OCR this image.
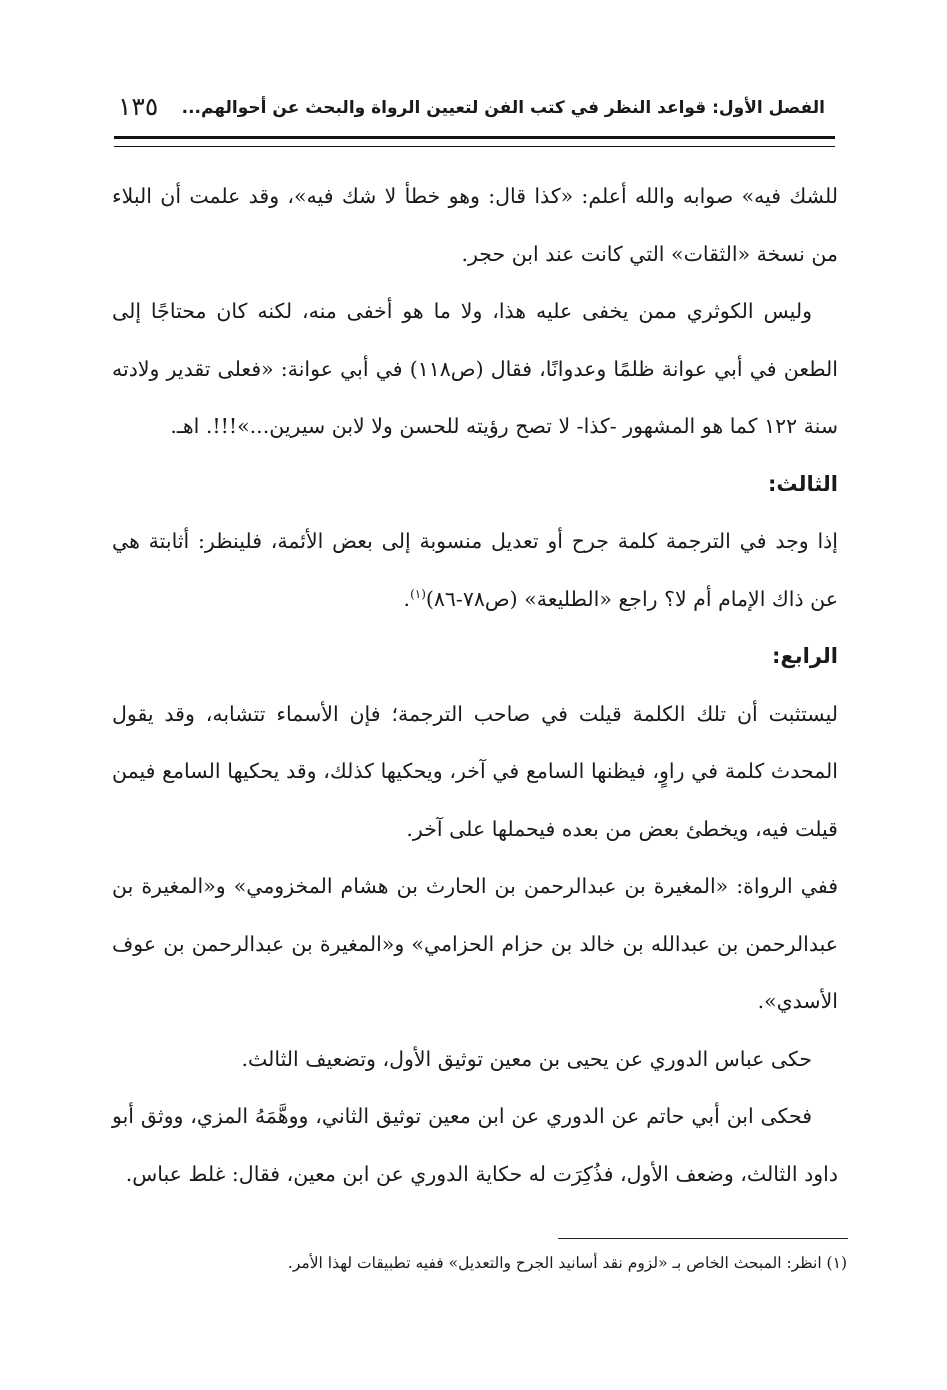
الفصل الأول: قواعد النظر في كتب الفن لتعيين الرواة والبحث عن أحوالهم...
١٣٥

للشك فيه» صوابه والله أعلم: «كذا قال: وهو خطأ لا شك فيه»، وقد علمت أن البلاء من نسخة «الثقات» التي كانت عند ابن حجر.

وليس الكوثري ممن يخفى عليه هذا، ولا ما هو أخفى منه، لكنه كان محتاجًا إلى الطعن في أبي عوانة ظلمًا وعدوانًا، فقال (ص١١٨) في أبي عوانة: «فعلى تقدير ولادته سنة ١٢٢ كما هو المشهور -كذا- لا تصح رؤيته للحسن ولا لابن سيرين...»!!!. اهـ.

الثالث:

إذا وجد في الترجمة كلمة جرح أو تعديل منسوبة إلى بعض الأئمة، فلينظر: أثابتة هي عن ذاك الإمام أم لا؟ راجع «الطليعة» (ص٧٨-٨٦)$^{(١)}$.

الرابع:

ليستثبت أن تلك الكلمة قيلت في صاحب الترجمة؛ فإن الأسماء تتشابه، وقد يقول المحدث كلمة في راوٍ، فيظنها السامع في آخر، ويحكيها كذلك، وقد يحكيها السامع فيمن قيلت فيه، ويخطئ بعض من بعده فيحملها على آخر.

ففي الرواة: «المغيرة بن عبدالرحمن بن الحارث بن هشام المخزومي» و«المغيرة بن عبدالرحمن بن عبدالله بن خالد بن حزام الحزامي» و«المغيرة بن عبدالرحمن بن عوف الأسدي».

حكى عباس الدوري عن يحيى بن معين توثيق الأول، وتضعيف الثالث.

فحكى ابن أبي حاتم عن الدوري عن ابن معين توثيق الثاني، ووهَّمَهُ المزي، ووثق أبو داود الثالث، وضعف الأول، فذُكِرَت له حكاية الدوري عن ابن معين، فقال: غلط عباس.

(١) انظر: المبحث الخاص بـ «لزوم نقد أسانيد الجرح والتعديل» ففيه تطبيقات لهذا الأمر.
